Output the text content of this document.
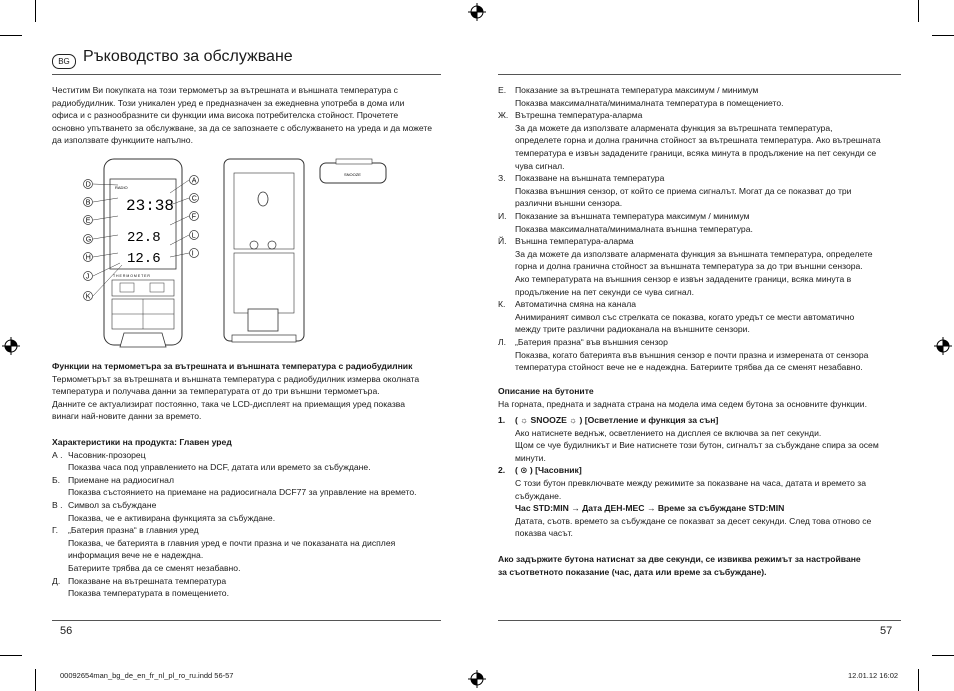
BG Ръководство за обслужване
Честитим Ви покупката на този термометър за вътрешната и външната температура с
радиобудилник. Този уникален уред е предназначен за ежедневна употреба в дома или
офиса и с разнообразните си функции има висока потребителска стойност. Прочетете
основно упътването за обслужване, за да се запознаете с обслужването на уреда и да можете
да използвате функциите напълно.
RADIO
23:38
22.8
12.6
T H E R M O M E T E R
D
B
E
G
H
J
K
A
C
F
L
I
SNOOZE
Функции на термометъра за вътрешната и външната температура с радиобудилник
Термометърът за вътрешната и външната температура с радиобудилник измерва околната
температура и получава данни за температурата от до три външни термометъра.
Данните се актуализират постоянно, така че LCD-дисплеят на приемащия уред показва
винаги най-новите данни за времето.
Характеристики на продукта: Главен уред
А . Часовник-прозорец
Показва часа под управлението на DCF, датата или времето за събуждане.
Б. Приемане на радиосигнал
Показва състоянието на приемане на радиосигнала DCF77 за управление на времето.
В . Символ за събуждане
Показва, че е активирана функцията за събуждане.
Г. „Батерия празна“ в главния уред
Показва, че батерията в главния уред е почти празна и че показаната на дисплея
информация вече не е надеждна.
Батериите трябва да се сменят незабавно.
Д. Показване на вътрешната температура
Показва температурата в помещението.
56
Е. Показание за вътрешната температура максимум / минимум
Показва максималната/минималната температура в помещението.
Ж. Вътрешна температура-аларма
За да можете да използвате алармената функция за вътрешната температура,
определете горна и долна гранична стойност за вътрешната температура. Ако вътрешната
температура е извън зададените граници, всяка минута в продължение на пет секунди се
чува сигнал.
З. Показване на външната температура
Показва външния сензор, от който се приема сигналът. Могат да се показват до три
различни външни сензора.
И. Показание за външната температура максимум / минимум
Показва максималната/минималната външна температура.
Й. Външна температура-аларма
За да можете да използвате алармената функция за външната температура, определете
горна и долна гранична стойност за външната температура за до три външни сензора.
Ако температурата на външния сензор е извън зададените граници, всяка минута в
продължение на пет секунди се чува сигнал.
К. Автоматична смяна на канала
Анимираният символ със стрелката се показва, когато уредът се мести автоматично
между трите различни радиоканала на външните сензори.
Л. „Батерия празна“ във външния сензор
Показва, когато батерията във външния сензор е почти празна и измерената от сензора
температура стойност вече не е надеждна. Батериите трябва да се сменят незабавно.
Описание на бутоните
На горната, предната и задната страна на модела има седем бутона за основните функции.
1. ( ☼ SNOOZE ☼ ) [Осветление и функция за сън]
Ако натиснете веднъж, осветлението на дисплея се включва за пет секунди.
Щом се чуе будилникът и Вие натиснете този бутон, сигналът за събуждане спира за осем
минути.
2. ( ⊙ ) [Часовник]
С този бутон превключвате между режимите за показване на часа, датата и времето за
събуждане.
Час STD:MIN → Дата ДЕН-МЕС → Време за събуждане STD:MIN
Датата, съотв. времето за събуждане се показват за десет секунди. След това отново се
показва часът.
Ако задържите бутона натиснат за две секунди, се извиква режимът за настройване
за съответното показание (час, дата или време за събуждане).
57
00092654man_bg_de_en_fr_nl_pl_ro_ru.indd 56-57	12.01.12 16:02
